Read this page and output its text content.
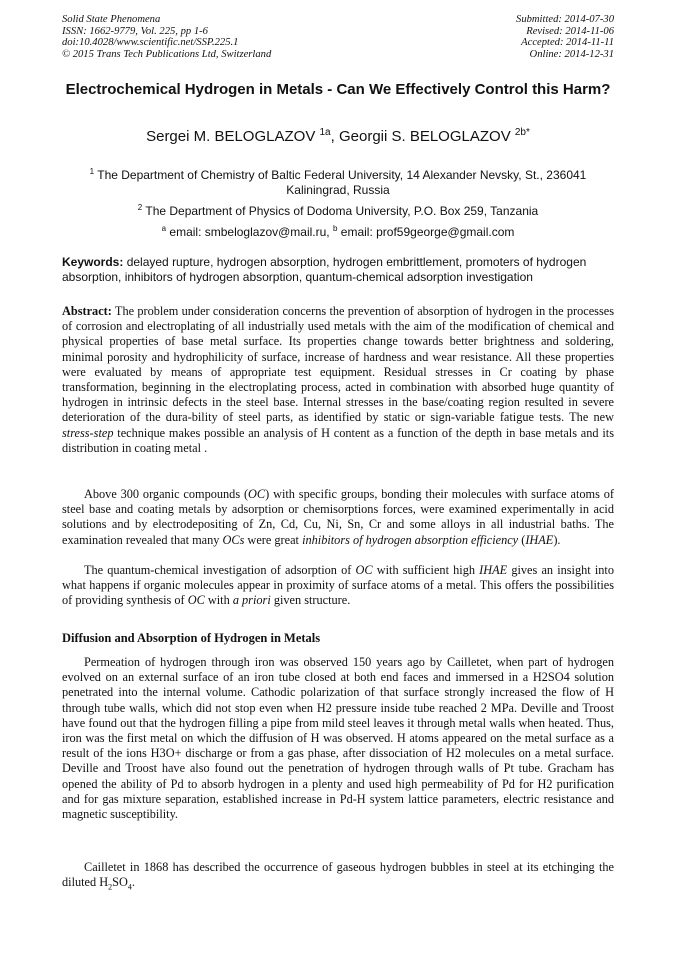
Solid State Phenomena
ISSN: 1662-9779, Vol. 225, pp 1-6
doi:10.4028/www.scientific.net/SSP.225.1
© 2015 Trans Tech Publications Ltd, Switzerland
Submitted: 2014-07-30
Revised: 2014-11-06
Accepted: 2014-11-11
Online: 2014-12-31
Electrochemical Hydrogen in Metals - Can We Effectively Control this Harm?
Sergei M. BELOGLAZOV $^{1a}$, Georgii S. BELOGLAZOV $^{2b*}$
$^1$ The Department of Chemistry of Baltic Federal University, 14 Alexander Nevsky, St., 236041 Kaliningrad, Russia
$^2$ The Department of Physics of Dodoma University, P.O. Box 259, Tanzania
$^a$ email: smbeloglazov@mail.ru, $^b$ email: prof59george@gmail.com
Keywords: delayed rupture, hydrogen absorption, hydrogen embrittlement, promoters of hydrogen absorption, inhibitors of hydrogen absorption, quantum-chemical adsorption investigation
Abstract: The problem under consideration concerns the prevention of absorption of hydrogen in the processes of corrosion and electroplating of all industrially used metals with the aim of the modification of chemical and physical properties of base metal surface. Its properties change towards better brightness and soldering, minimal porosity and hydrophilicity of surface, increase of hardness and wear resistance. All these properties were evaluated by means of appropriate test equipment. Residual stresses in Cr coating by phase transformation, beginning in the electroplating process, acted in combination with absorbed huge quantity of hydrogen in intrinsic defects in the steel base. Internal stresses in the base/coating region resulted in severe deterioration of the dura-bility of steel parts, as identified by static or sign-variable fatigue tests. The new stress-step technique makes possible an analysis of H content as a function of the depth in base metals and its distribution in coating metal .
Above 300 organic compounds (OC) with specific groups, bonding their molecules with surface atoms of steel base and coating metals by adsorption or chemisorptions forces, were examined experimentally in acid solutions and by electrodepositing of Zn, Cd, Cu, Ni, Sn, Cr and some alloys in all industrial baths. The examination revealed that many OCs were great inhibitors of hydrogen absorption efficiency (IHAE).
The quantum-chemical investigation of adsorption of OC with sufficient high IHAE gives an insight into what happens if organic molecules appear in proximity of surface atoms of a metal. This offers the possibilities of providing synthesis of OC with a priori given structure.
Diffusion and Absorption of Hydrogen in Metals
Permeation of hydrogen through iron was observed 150 years ago by Cailletet, when part of hydrogen evolved on an external surface of an iron tube closed at both end faces and immersed in a H2SO4 solution penetrated into the internal volume. Cathodic polarization of that surface strongly increased the flow of H through tube walls, which did not stop even when H2 pressure inside tube reached 2 MPa. Deville and Troost have found out that the hydrogen filling a pipe from mild steel leaves it through metal walls when heated. Thus, iron was the first metal on which the diffusion of H was observed. H atoms appeared on the metal surface as a result of the ions H3O+ discharge or from a gas phase, after dissociation of H2 molecules on a metal surface. Deville and Troost have also found out the penetration of hydrogen through walls of Pt tube. Gracham has opened the ability of Pd to absorb hydrogen in a plenty and used high permeability of Pd for H2 purification and for gas mixture separation, established increase in Pd-H system lattice parameters, electric resistance and magnetic susceptibility.
Cailletet in 1868 has described the occurrence of gaseous hydrogen bubbles in steel at its etchinging the diluted $H_2SO_4$.
